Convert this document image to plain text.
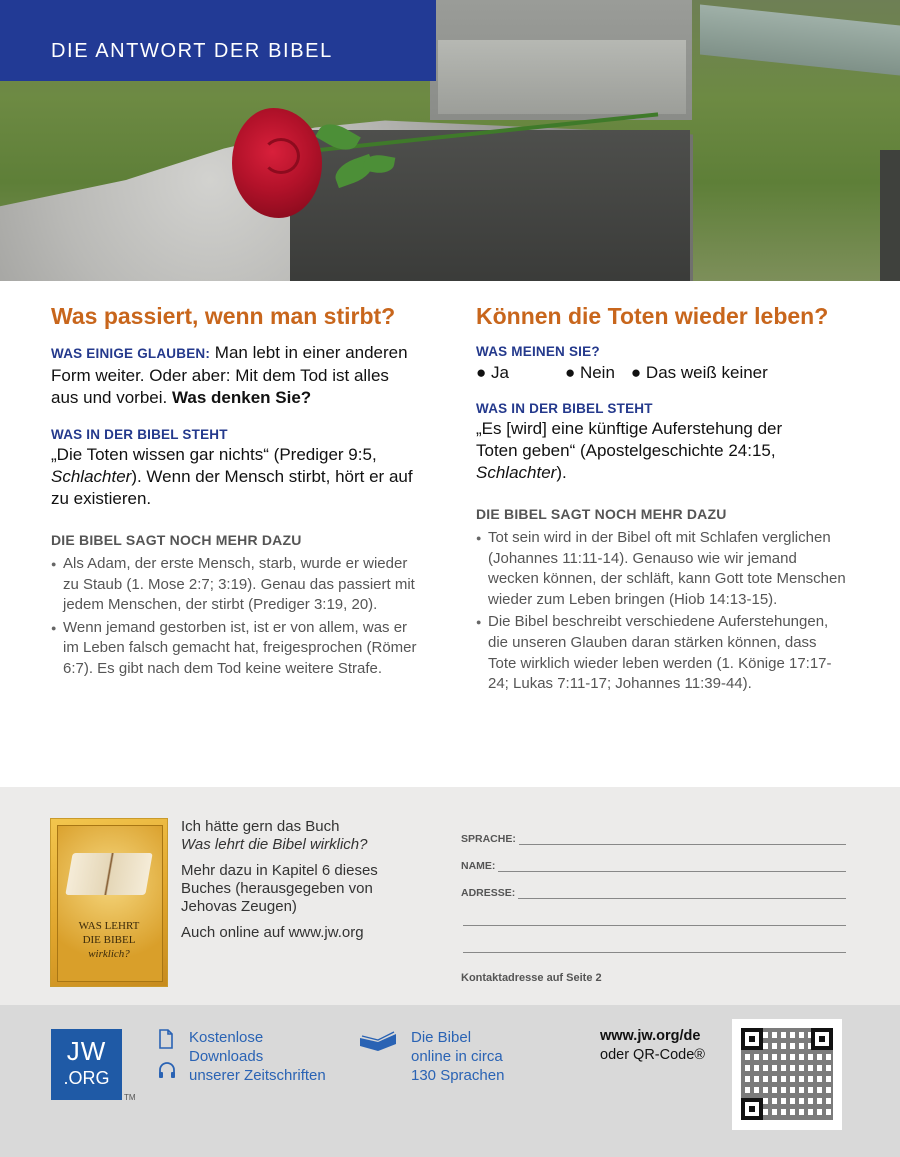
DIE ANTWORT DER BIBEL
Was passiert, wenn man stirbt?
WAS EINIGE GLAUBEN: Man lebt in einer anderen Form weiter. Oder aber: Mit dem Tod ist alles aus und vorbei. Was denken Sie?
WAS IN DER BIBEL STEHT
„Die Toten wissen gar nichts“ (Prediger 9:5, Schlachter). Wenn der Mensch stirbt, hört er auf zu existieren.
DIE BIBEL SAGT NOCH MEHR DAZU
● Als Adam, der erste Mensch, starb, wurde er wieder zu Staub (1. Mose 2:7; 3:19). Genau das passiert mit jedem Menschen, der stirbt (Prediger 3:19, 20).
● Wenn jemand gestorben ist, ist er von allem, was er im Leben falsch gemacht hat, freigesprochen (Römer 6:7). Es gibt nach dem Tod keine weitere Strafe.
Können die Toten wieder leben?
WAS MEINEN SIE?
● Ja	● Nein ● Das weiß keiner
WAS IN DER BIBEL STEHT
„Es [wird] eine künftige Auferstehung der Toten geben“ (Apostelgeschichte 24:15, Schlachter).
DIE BIBEL SAGT NOCH MEHR DAZU
● Tot sein wird in der Bibel oft mit Schlafen verglichen (Johannes 11:11-14). Genauso wie wir jemand wecken können, der schläft, kann Gott tote Menschen wieder zum Leben bringen (Hiob 14:13-15).
● Die Bibel beschreibt verschiedene Auferstehungen, die unseren Glauben daran stärken können, dass Tote wirklich wieder leben werden (1. Könige 17:17-24; Lukas 7:11-17; Johannes 11:39-44).
WAS LEHRT
DIE BIBEL
wirklich?

Ich hätte gern das Buch
Was lehrt die Bibel wirklich?

Mehr dazu in Kapitel 6 dieses Buches (herausgegeben von Jehovas Zeugen)

Auch online auf www.jw.org

SPRACHE:
NAME:
ADRESSE:
Kontaktadresse auf Seite 2
JW
.ORG
TM
Kostenlose
Downloads
unserer Zeitschriften
Die Bibel
online in circa
130 Sprachen
www.jw.org/de
oder QR-Code®
